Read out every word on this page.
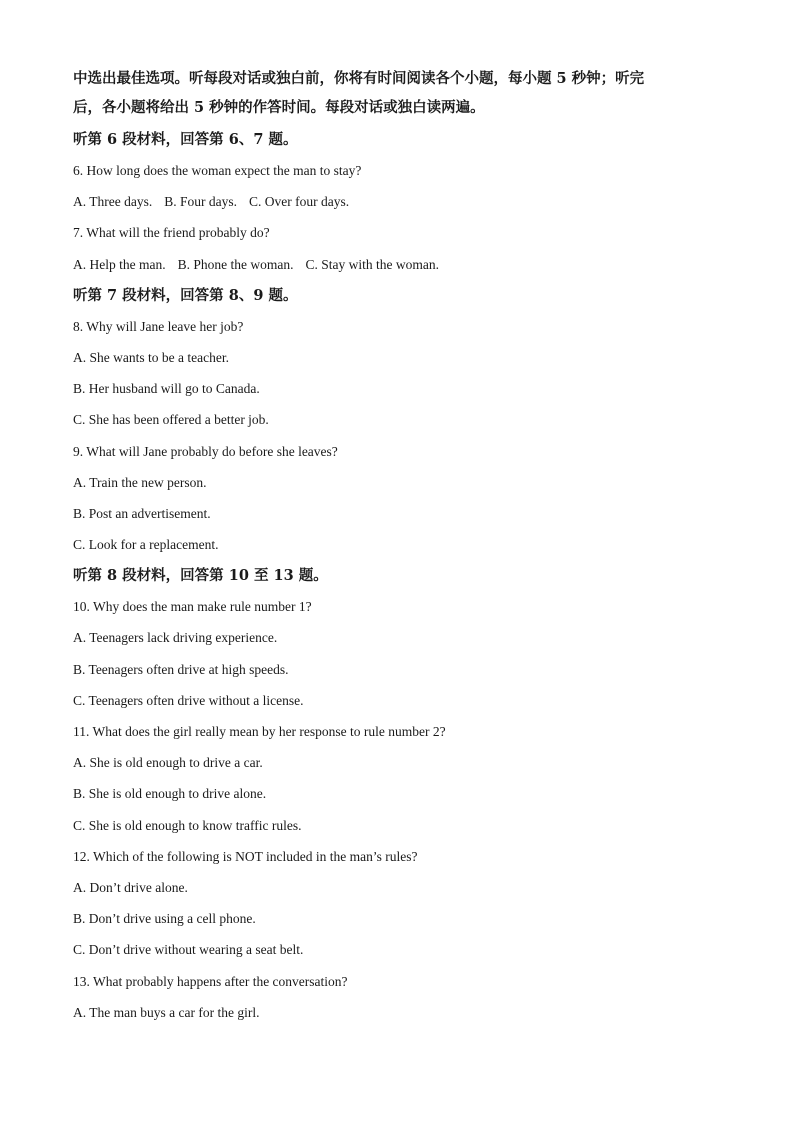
中选出最佳选项。听每段对话或独白前，你将有时间阅读各个小题，每小题 5 秒钟；听完
后，各小题将给出 5 秒钟的作答时间。每段对话或独白读两遍。
听第 6 段材料，回答第 6、7 题。
6. How long does the woman expect the man to stay?
A. Three days. B. Four days. C. Over four days.
7. What will the friend probably do?
A. Help the man. B. Phone the woman. C. Stay with the woman.
听第 7 段材料，回答第 8、9 题。
8. Why will Jane leave her job?
A. She wants to be a teacher.
B. Her husband will go to Canada.
C. She has been offered a better job.
9. What will Jane probably do before she leaves?
A. Train the new person.
B. Post an advertisement.
C. Look for a replacement.
听第 8 段材料，回答第 10 至 13 题。
10. Why does the man make rule number 1?
A. Teenagers lack driving experience.
B. Teenagers often drive at high speeds.
C. Teenagers often drive without a license.
11. What does the girl really mean by her response to rule number 2?
A. She is old enough to drive a car.
B. She is old enough to drive alone.
C. She is old enough to know traffic rules.
12. Which of the following is NOT included in the man’s rules?
A. Don’t drive alone.
B. Don’t drive using a cell phone.
C. Don’t drive without wearing a seat belt.
13. What probably happens after the conversation?
A. The man buys a car for the girl.
